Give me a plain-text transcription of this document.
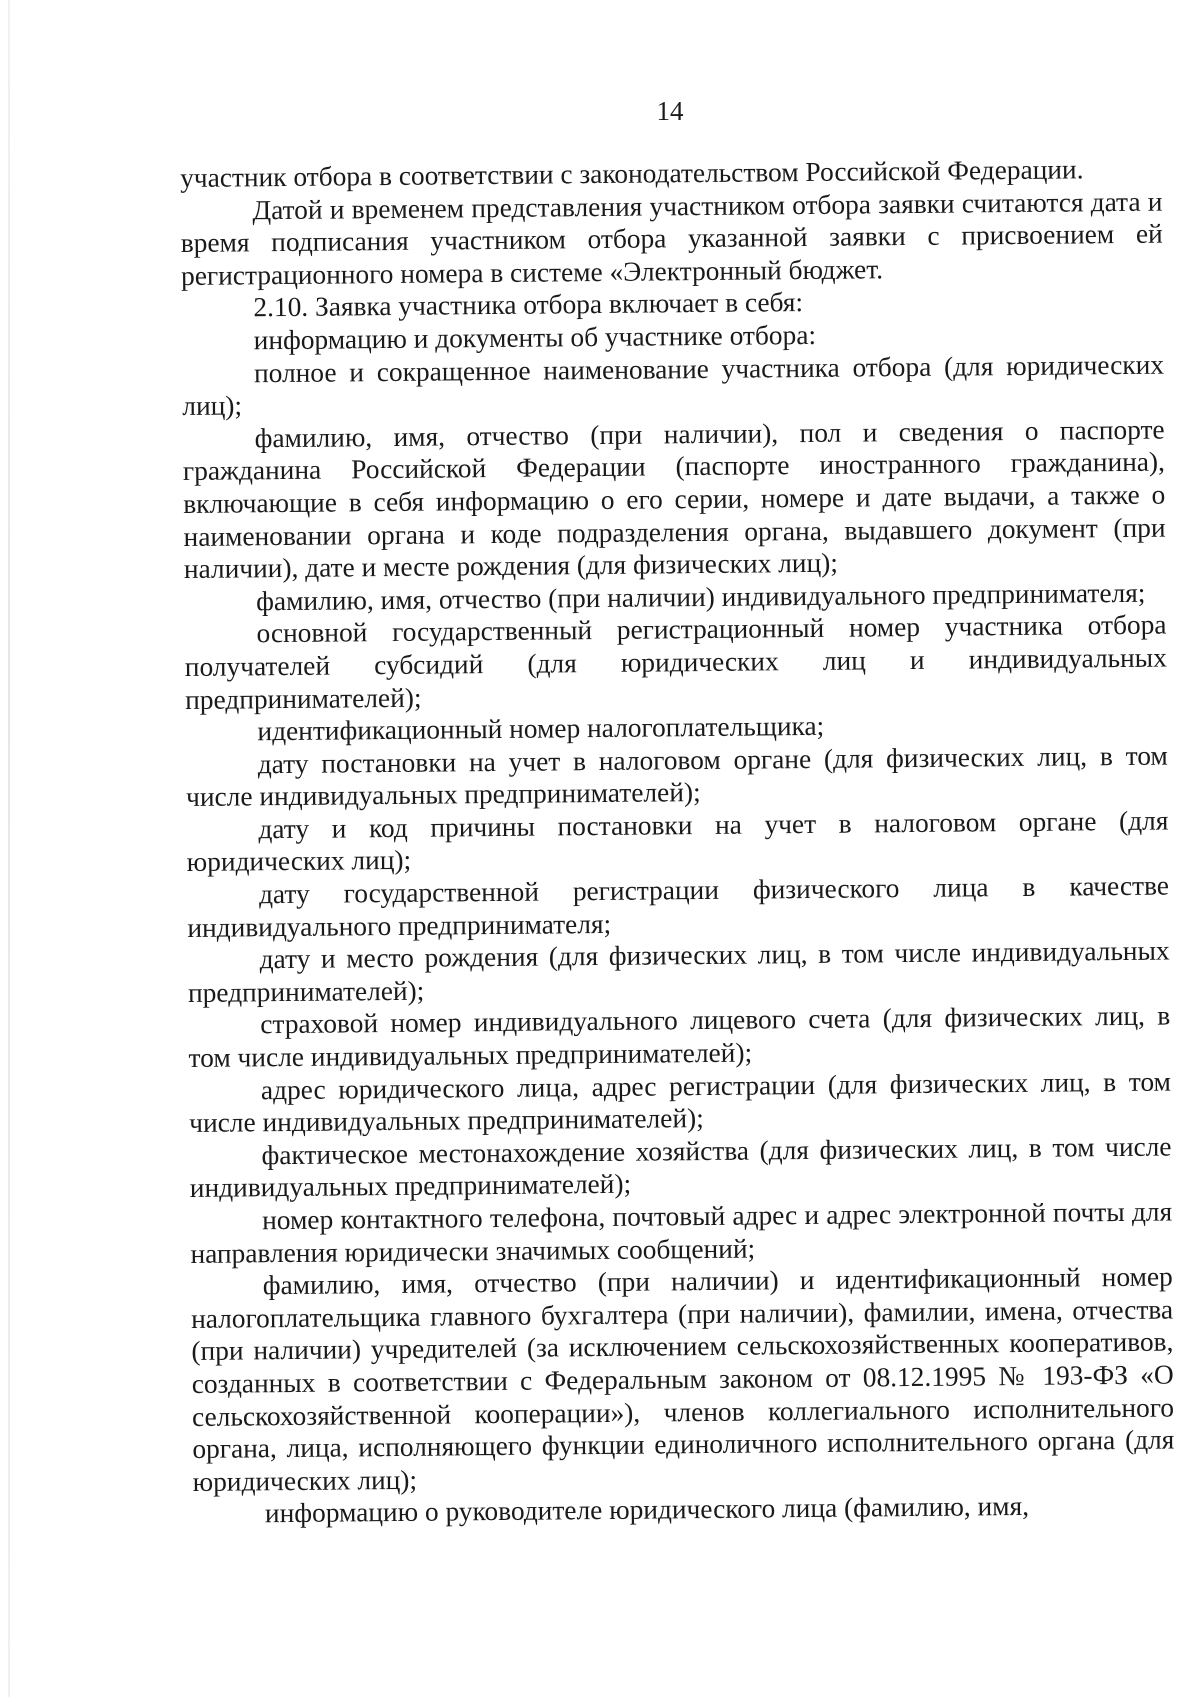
14

участник отбора в соответствии с законодательством Российской Федерации.

Датой и временем представления участником отбора заявки считаются дата и время подписания участником отбора указанной заявки с присвоением ей регистрационного номера в системе «Электронный бюджет.

2.10. Заявка участника отбора включает в себя:

информацию и документы об участнике отбора:

полное и сокращенное наименование участника отбора (для юридических лиц);

фамилию, имя, отчество (при наличии), пол и сведения о паспорте гражданина Российской Федерации (паспорте иностранного гражданина), включающие в себя информацию о его серии, номере и дате выдачи, а также о наименовании органа и коде подразделения органа, выдавшего документ (при наличии), дате и месте рождения (для физических лиц);

фамилию, имя, отчество (при наличии) индивидуального предпринимателя;

основной государственный регистрационный номер участника отбора получателей субсидий (для юридических лиц и индивидуальных предпринимателей);

идентификационный номер налогоплательщика;

дату постановки на учет в налоговом органе (для физических лиц, в том числе индивидуальных предпринимателей);

дату и код причины постановки на учет в налоговом органе (для юридических лиц);

дату государственной регистрации физического лица в качестве индивидуального предпринимателя;

дату и место рождения (для физических лиц, в том числе индивидуальных предпринимателей);

страховой номер индивидуального лицевого счета (для физических лиц, в том числе индивидуальных предпринимателей);

адрес юридического лица, адрес регистрации (для физических лиц, в том числе индивидуальных предпринимателей);

фактическое местонахождение хозяйства (для физических лиц, в том числе индивидуальных предпринимателей);

номер контактного телефона, почтовый адрес и адрес электронной почты для направления юридически значимых сообщений;

фамилию, имя, отчество (при наличии) и идентификационный номер налогоплательщика главного бухгалтера (при наличии), фамилии, имена, отчества (при наличии) учредителей (за исключением сельскохозяйственных кооперативов, созданных в соответствии с Федеральным законом от 08.12.1995 № 193-ФЗ «О сельскохозяйственной кооперации»), членов коллегиального исполнительного органа, лица, исполняющего функции единоличного исполнительного органа (для юридических лиц);

информацию о руководителе юридического лица (фамилию, имя,
